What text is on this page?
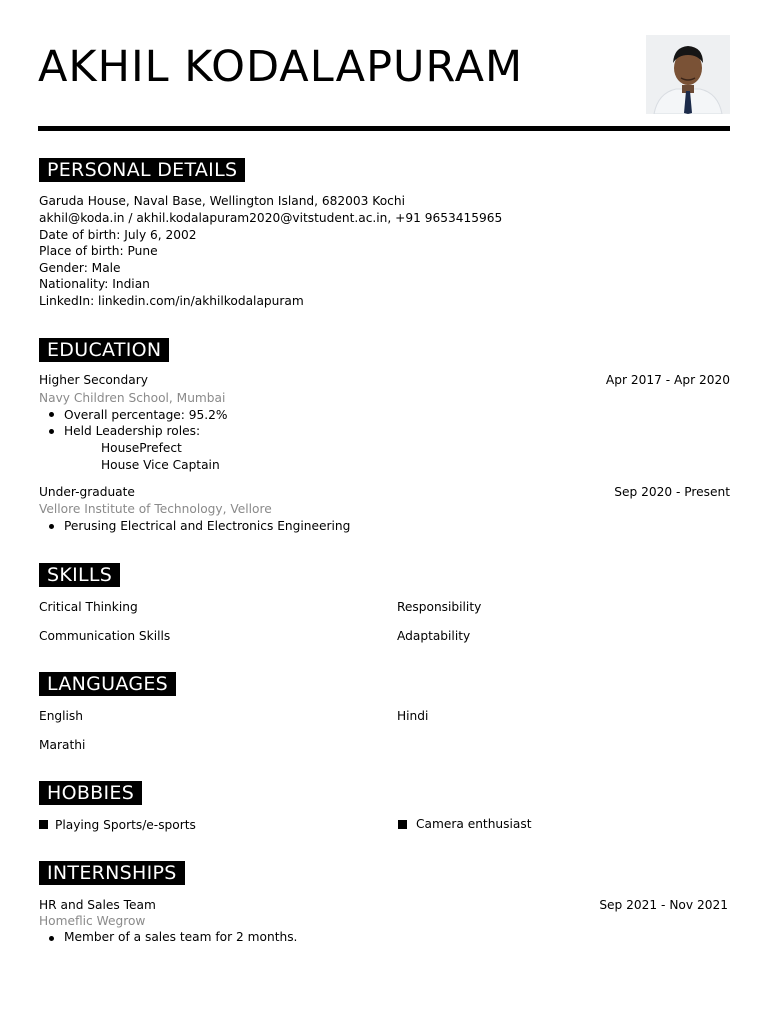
AKHIL KODALAPURAM
PERSONAL DETAILS
Garuda House, Naval Base, Wellington Island, 682003 Kochi
akhil@koda.in / akhil.kodalapuram2020@vitstudent.ac.in, +91 9653415965
Date of birth: July 6, 2002
Place of birth: Pune
Gender: Male
Nationality: Indian
LinkedIn: linkedin.com/in/akhilkodalapuram
EDUCATION
Higher Secondary	Apr 2017 - Apr 2020
Navy Children School, Mumbai
Overall percentage: 95.2%
Held Leadership roles:
HousePrefect
House Vice Captain
Under-graduate	Sep 2020 - Present
Vellore Institute of Technology, Vellore
Perusing Electrical and Electronics Engineering
SKILLS
Critical Thinking	Responsibility
Communication Skills	Adaptability
LANGUAGES
English	Hindi
Marathi
HOBBIES
Playing Sports/e-sports	Camera enthusiast
INTERNSHIPS
HR and Sales Team	Sep 2021 - Nov 2021
Homeflic Wegrow
Member of a sales team for 2 months.
